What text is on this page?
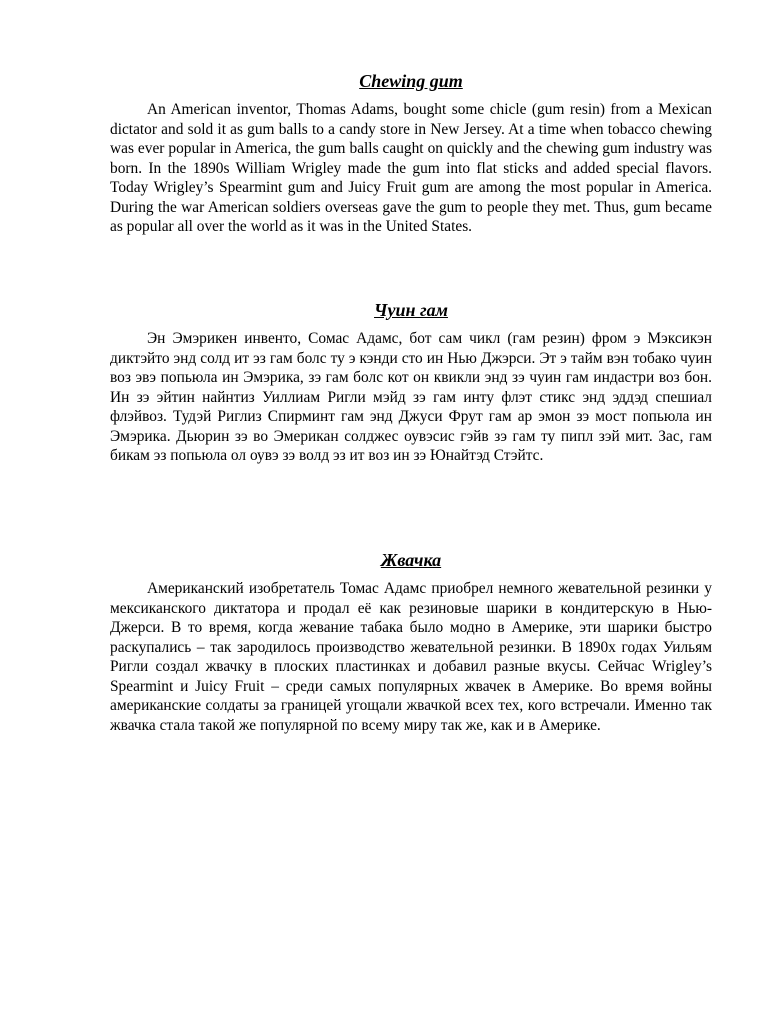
Chewing gum

An American inventor, Thomas Adams, bought some chicle (gum resin) from a Mexican dictator and sold it as gum balls to a candy store in New Jersey. At a time when tobacco chewing was ever popular in America, the gum balls caught on quickly and the chewing gum industry was born. In the 1890s William Wrigley made the gum into flat sticks and added special flavors. Today Wrigley’s Spearmint gum and Juicy Fruit gum are among the most popular in America. During the war American soldiers overseas gave the gum to people they met. Thus, gum became as popular all over the world as it was in the United States.

Чуин гам

Эн Эмэрикен инвенто, Сомас Адамс, бот сам чикл (гам резин) фром э Мэксикэн диктэйто энд солд ит эз гам болс ту э кэнди сто ин Нью Джэрси. Эт э тайм вэн тобако чуин воз эвэ попьюла ин Эмэрика, зэ гам болс кот он квикли энд зэ чуин гам индастри воз бон. Ин зэ эйтин найнтиз Уиллиам Ригли мэйд зэ гам инту флэт стикс энд эддэд спешиал флэйвоз. Тудэй Риглиз Спирминт гам энд Джуси Фрут гам ар эмон зэ мост попьюла ин Эмэрика. Дьюрин зэ во Эмерикан солджес оувэсис гэйв зэ гам ту пипл зэй мит. Зас, гам бикам эз попьюла ол оувэ зэ волд эз ит воз ин зэ Юнайтэд Стэйтс.

Жвачка

Американский изобретатель Томас Адамс приобрел немного жевательной резинки у мексиканского диктатора и продал её как резиновые шарики в кондитерскую в Нью-Джерси. В то время, когда жевание табака было модно в Америке, эти шарики быстро раскупались – так зародилось производство жевательной резинки. В 1890х годах Уильям Ригли создал жвачку в плоских пластинках и добавил разные вкусы. Сейчас Wrigley’s Spearmint и Juicy Fruit – среди самых популярных жвачек в Америке. Во время войны американские солдаты за границей угощали жвачкой всех тех, кого встречали. Именно так жвачка стала такой же популярной по всему миру так же, как и в Америке.
